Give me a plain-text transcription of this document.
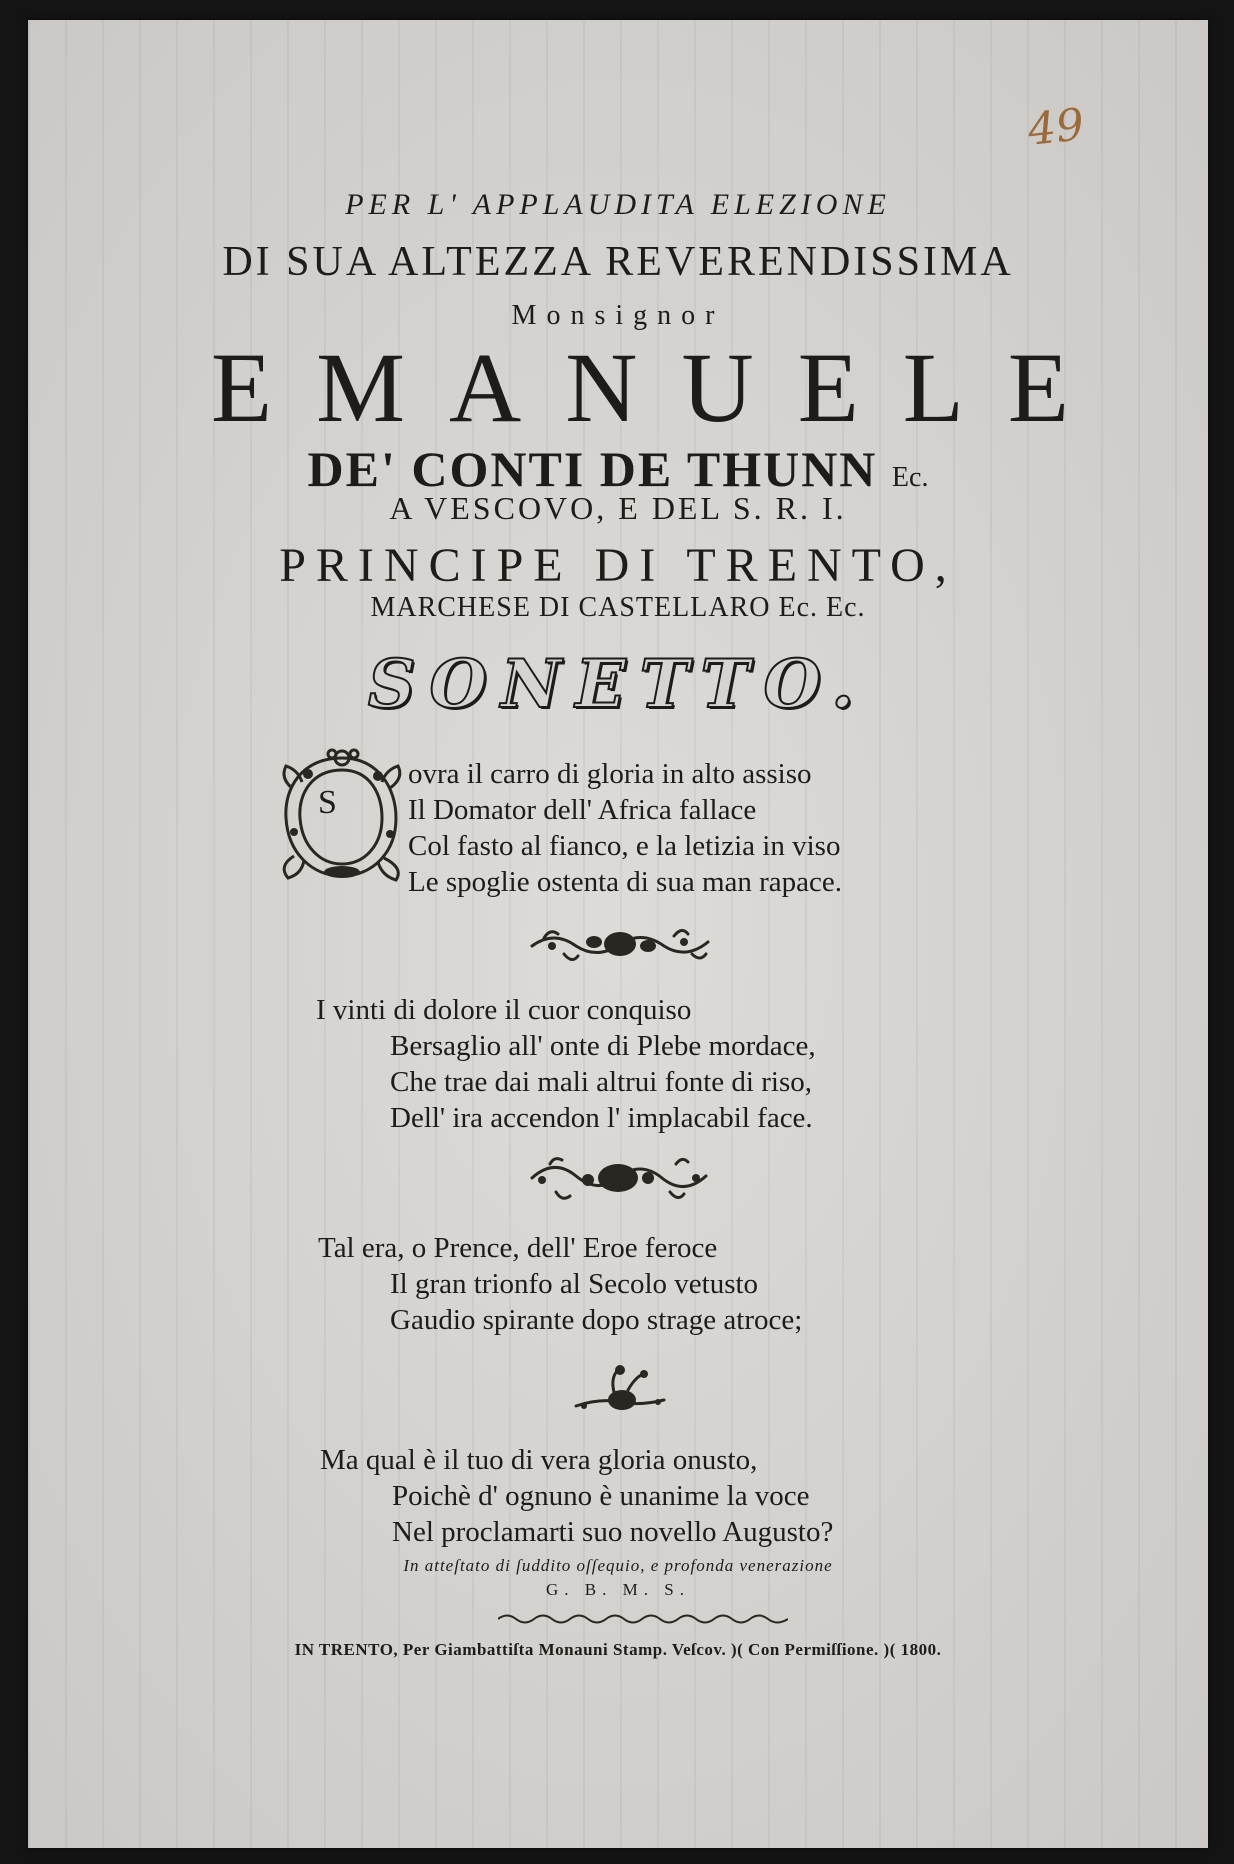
49
PER L' APPLAUDITA ELEZIONE
DI SUA ALTEZZA REVERENDISSIMA
Monsignor
EMANUELE
DE' CONTI DE THUNN Ec.
A VESCOVO, E DEL S. R. I.
PRINCIPE DI TRENTO,
MARCHESE DI CASTELLARO Ec. Ec.
SONETTO.
S
ovra il carro di gloria in alto assiso
Il Domator dell' Africa fallace
Col fasto al fianco, e la letizia in viso
Le spoglie ostenta di sua man rapace.
I vinti di dolore il cuor conquiso
Bersaglio all' onte di Plebe mordace,
Che trae dai mali altrui fonte di riso,
Dell' ira accendon l' implacabil face.
Tal era, o Prence, dell' Eroe feroce
Il gran trionfo al Secolo vetusto
Gaudio spirante dopo strage atroce;
Ma qual è il tuo di vera gloria onusto,
Poichè d' ognuno è unanime la voce
Nel proclamarti suo novello Augusto?
In atteſtato di ſuddito oſſequio, e profonda venerazione
G. B. M. S.
IN TRENTO, Per Giambattiſta Monauni Stamp. Veſcov. )( Con Permiſſione. )( 1800.
